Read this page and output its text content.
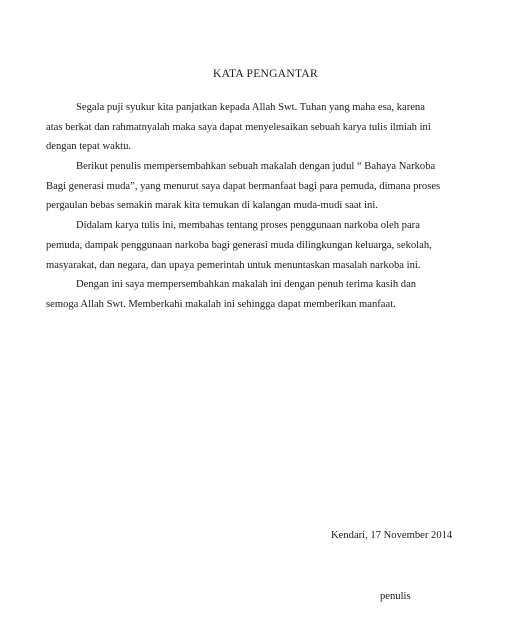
KATA PENGANTAR
Segala puji syukur kita panjatkan kepada Allah Swt. Tuhan yang maha esa, karena
atas berkat dan rahmatnyalah maka saya dapat menyelesaikan sebuah karya tulis ilmiah ini
dengan tepat waktu.
Berikut penulis mempersembahkan sebuah makalah dengan judul “ Bahaya Narkoba
Bagi generasi muda”, yang menurut saya dapat bermanfaat bagi para pemuda, dimana proses
pergaulan bebas semakin marak kita temukan di kalangan muda-mudi saat ini.
Didalam karya tulis ini, membahas tentang proses penggunaan narkoba oleh para
pemuda, dampak penggunaan narkoba bagi generasi muda dilingkungan keluarga, sekolah,
masyarakat, dan negara, dan upaya pemerintah untuk menuntaskan masalah narkoba ini.
Dengan ini saya mempersembahkan makalah ini dengan penuh terima kasih dan
semoga Allah Swt. Memberkahi makalah ini sehingga dapat memberikan manfaat.
Kendari, 17 November 2014
penulis
